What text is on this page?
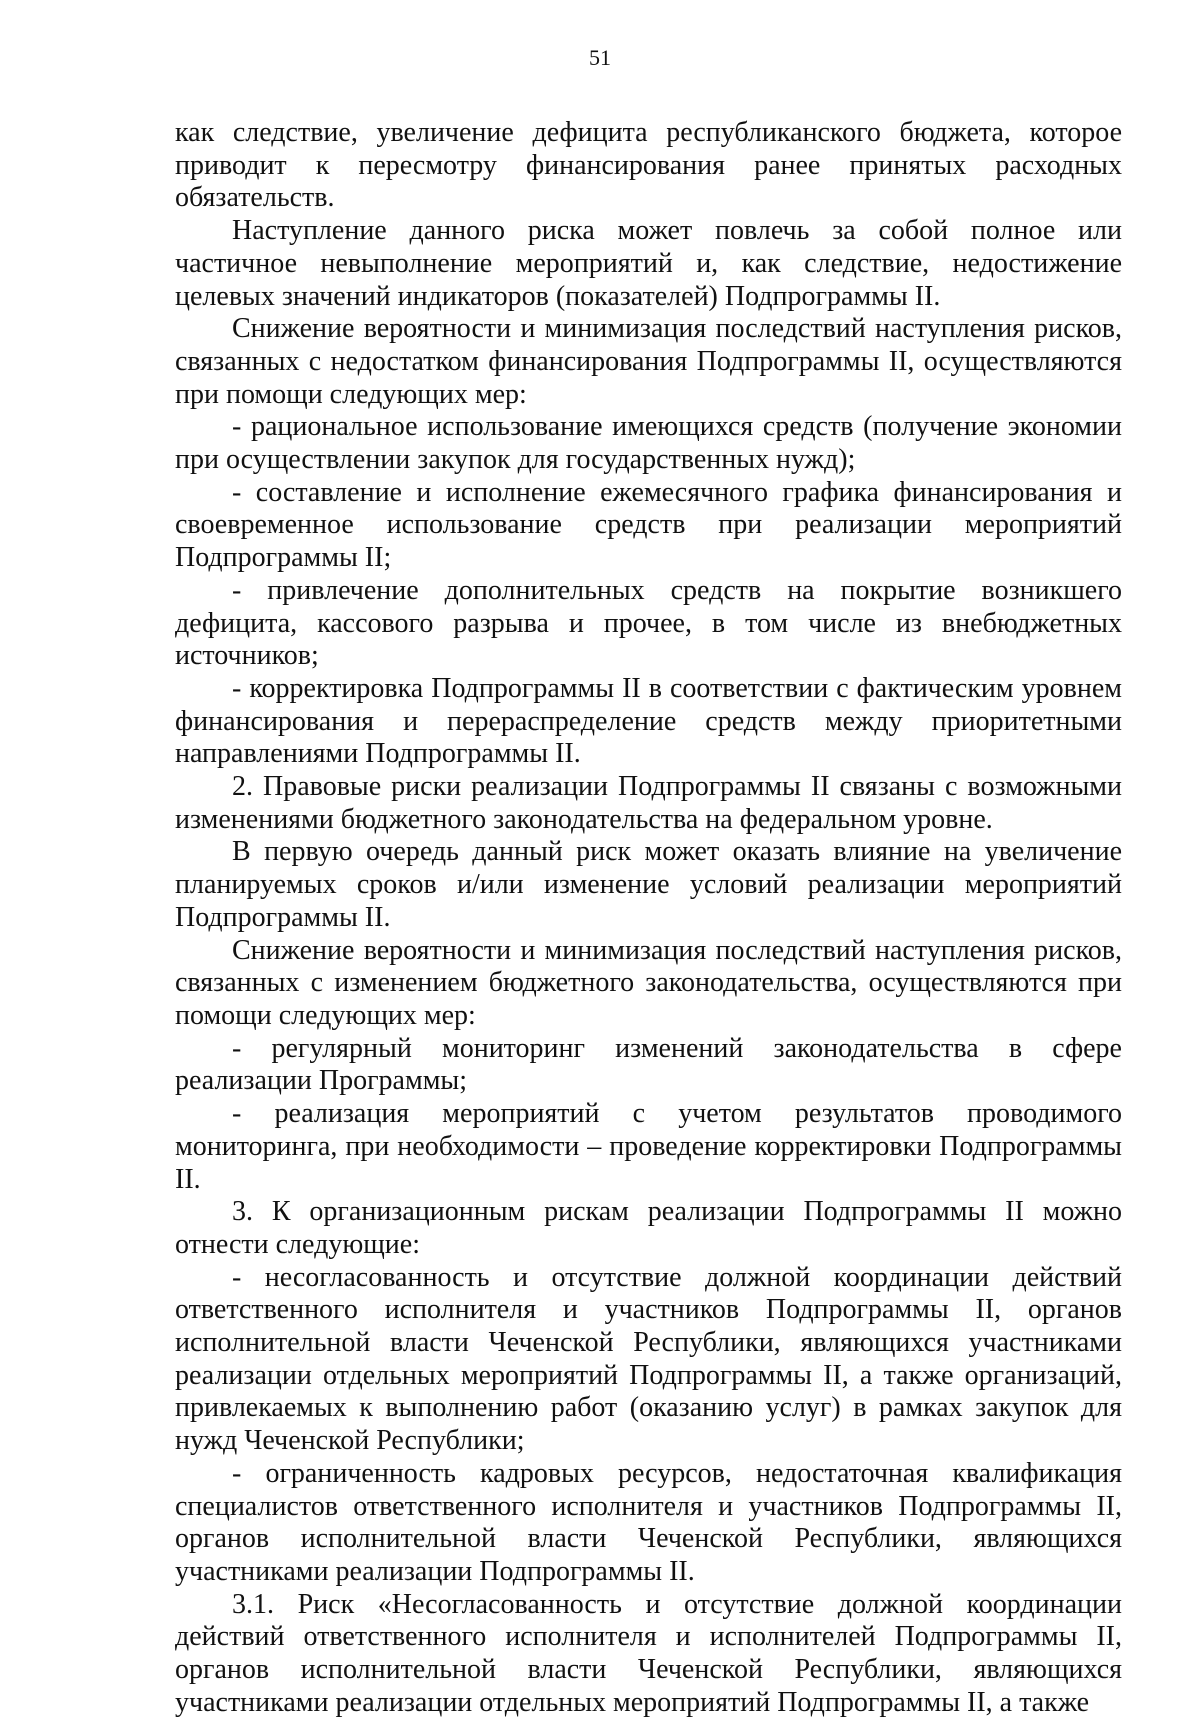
51

как следствие, увеличение дефицита республиканского бюджета, которое приводит к пересмотру финансирования ранее принятых расходных обязательств.

Наступление данного риска может повлечь за собой полное или частичное невыполнение мероприятий и, как следствие, недостижение целевых значений индикаторов (показателей) Подпрограммы II.

Снижение вероятности и минимизация последствий наступления рисков, связанных с недостатком финансирования Подпрограммы II, осуществляются при помощи следующих мер:

- рациональное использование имеющихся средств (получение экономии при осуществлении закупок для государственных нужд);

- составление и исполнение ежемесячного графика финансирования и своевременное использование средств при реализации мероприятий Подпрограммы II;

- привлечение дополнительных средств на покрытие возникшего дефицита, кассового разрыва и прочее, в том числе из внебюджетных источников;

- корректировка Подпрограммы II в соответствии с фактическим уровнем финансирования и перераспределение средств между приоритетными направлениями Подпрограммы II.

2. Правовые риски реализации Подпрограммы II связаны с возможными изменениями бюджетного законодательства на федеральном уровне.

В первую очередь данный риск может оказать влияние на увеличение планируемых сроков и/или изменение условий реализации мероприятий Подпрограммы II.

Снижение вероятности и минимизация последствий наступления рисков, связанных с изменением бюджетного законодательства, осуществляются при помощи следующих мер:

- регулярный мониторинг изменений законодательства в сфере реализации Программы;

- реализация мероприятий с учетом результатов проводимого мониторинга, при необходимости – проведение корректировки Подпрограммы II.

3. К организационным рискам реализации Подпрограммы II можно отнести следующие:

- несогласованность и отсутствие должной координации действий ответственного исполнителя и участников Подпрограммы II, органов исполнительной власти Чеченской Республики, являющихся участниками реализации отдельных мероприятий Подпрограммы II, а также организаций, привлекаемых к выполнению работ (оказанию услуг) в рамках закупок для нужд Чеченской Республики;

- ограниченность кадровых ресурсов, недостаточная квалификация специалистов ответственного исполнителя и участников Подпрограммы II, органов исполнительной власти Чеченской Республики, являющихся участниками реализации Подпрограммы II.

3.1. Риск «Несогласованность и отсутствие должной координации действий ответственного исполнителя и исполнителей Подпрограммы II, органов исполнительной власти Чеченской Республики, являющихся участниками реализации отдельных мероприятий Подпрограммы II, а также
